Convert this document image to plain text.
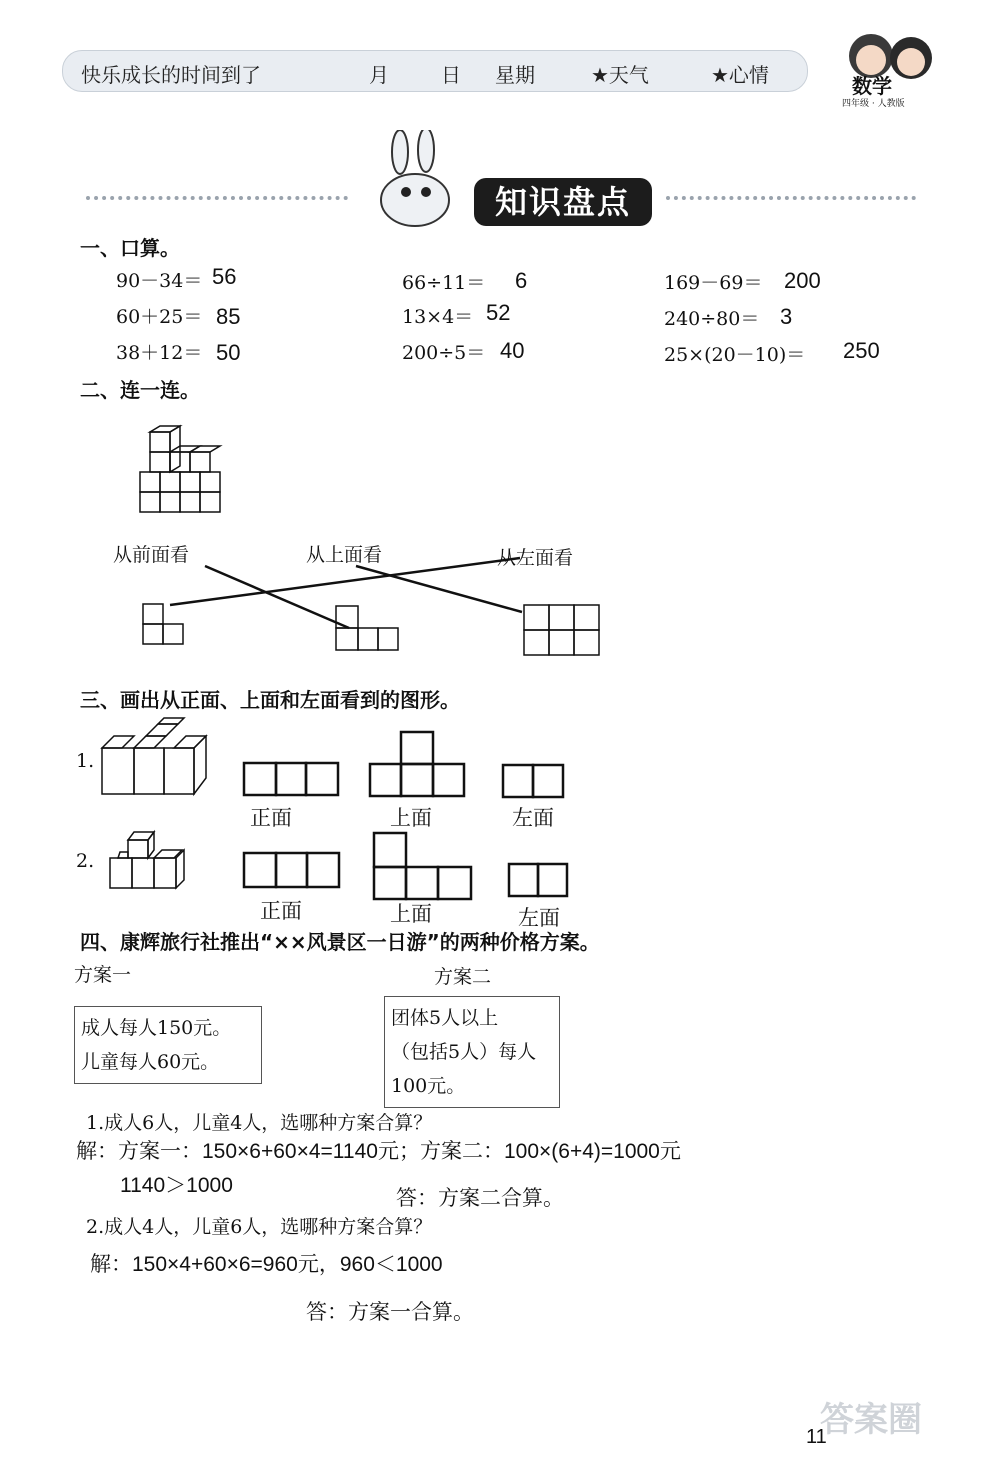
快乐成长的时间到了	月	日 星期	★天气	★心情	数学
四年级 · 人教版
知识盘点
一、口算。
90－34＝ 56	66÷11＝ 6	169－69＝ 200
60＋25＝ 85	13×4＝ 52	240÷80＝ 3
38＋12＝ 50	200÷5＝ 40	25×(20－10)＝ 250
二、连一连。
从前面看	从上面看	从左面看
三、画出从正面、上面和左面看到的图形。
1.
正面	上面	左面
2.
正面	上面	左面
四、康辉旅行社推出“××风景区一日游”的两种价格方案。
方案一	方案二
成人每人150元。
儿童每人60元。
团体5人以上
（包括5人）每人
100元。
1.成人6人，儿童4人，选哪种方案合算？
解：方案一：150×6+60×4=1140元；方案二：100×(6+4)=1000元
1140＞1000
答：方案二合算。
2.成人4人，儿童6人，选哪种方案合算？
解：150×4+60×6=960元，960＜1000
答：方案一合算。
答案圈
11
